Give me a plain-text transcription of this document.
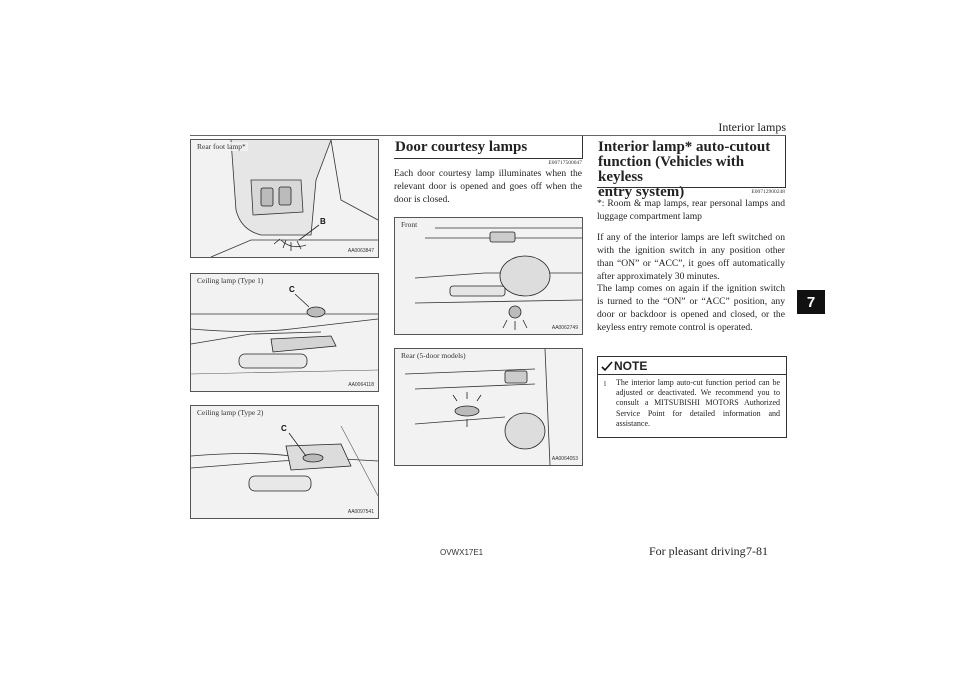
Interior lamps
7
B
Rear foot lamp*
AA0063847
C
Ceiling lamp (Type 1)
AA0064118
C
Ceiling lamp (Type 2)
AA0097541
Door courtesy lamps
E00717500047
Each door courtesy lamp illuminates when the relevant door is opened and goes off when the door is closed.
Front
AA0062749
Rear (5-door models)
AA0064053
Interior lamp* auto-cutout
function (Vehicles with keyless
entry system)	E00712900248

*: Room & map lamps, rear personal lamps and luggage compartment lamp

If any of the interior lamps are left switched on with the ignition switch in any position other than “ON” or “ACC”, it goes off automatically after approximately 30 minutes.

The lamp comes on again if the ignition switch is turned to the “ON” or “ACC” position, any door or backdoor is opened and closed, or the keyless entry remote control is operated.

NOTE
l The interior lamp auto-cut function period can be adjusted or deactivated. We recommend you to consult a MITSUBISHI MOTORS Authorized Service Point for detailed information and assistance.
OVWX17E1	For pleasant driving 7-81
